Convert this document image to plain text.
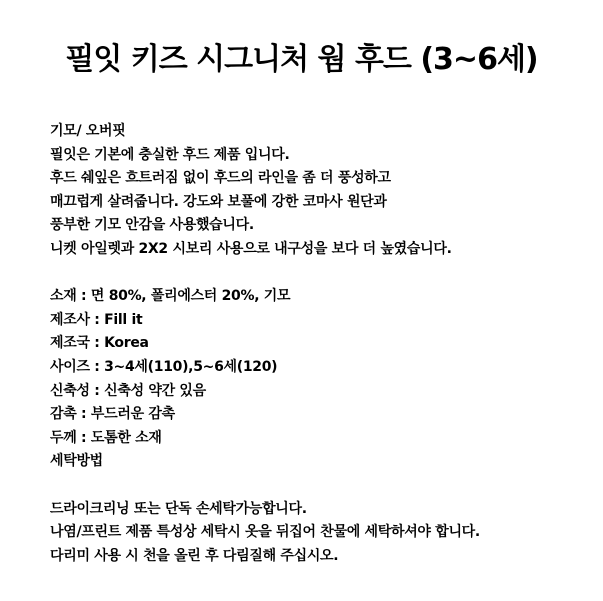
필잇 키즈 시그니처 웜 후드 (3~6세)
기모/ 오버핏
필잇은 기본에 충실한 후드 제품 입니다.
후드 쉐잎은 흐트러짐 없이 후드의 라인을 좀 더 풍성하고
매끄럽게 살려줍니다. 강도와 보풀에 강한 코마사 원단과
풍부한 기모 안감을 사용했습니다.
니켓 아일렛과 2X2 시보리 사용으로 내구성을 보다 더 높였습니다.
소재 : 면 80%, 폴리에스터 20%, 기모
제조사 : Fill it
제조국 : Korea
사이즈 : 3~4세(110),5~6세(120)
신축성 : 신축성 약간 있음
감촉 : 부드러운 감촉
두께 : 도톰한 소재
세탁방법
드라이크리닝 또는 단독 손세탁가능합니다.
나염/프린트 제품 특성상 세탁시 옷을 뒤집어 찬물에 세탁하셔야 합니다.
다리미 사용 시 천을 올린 후 다림질해 주십시오.
